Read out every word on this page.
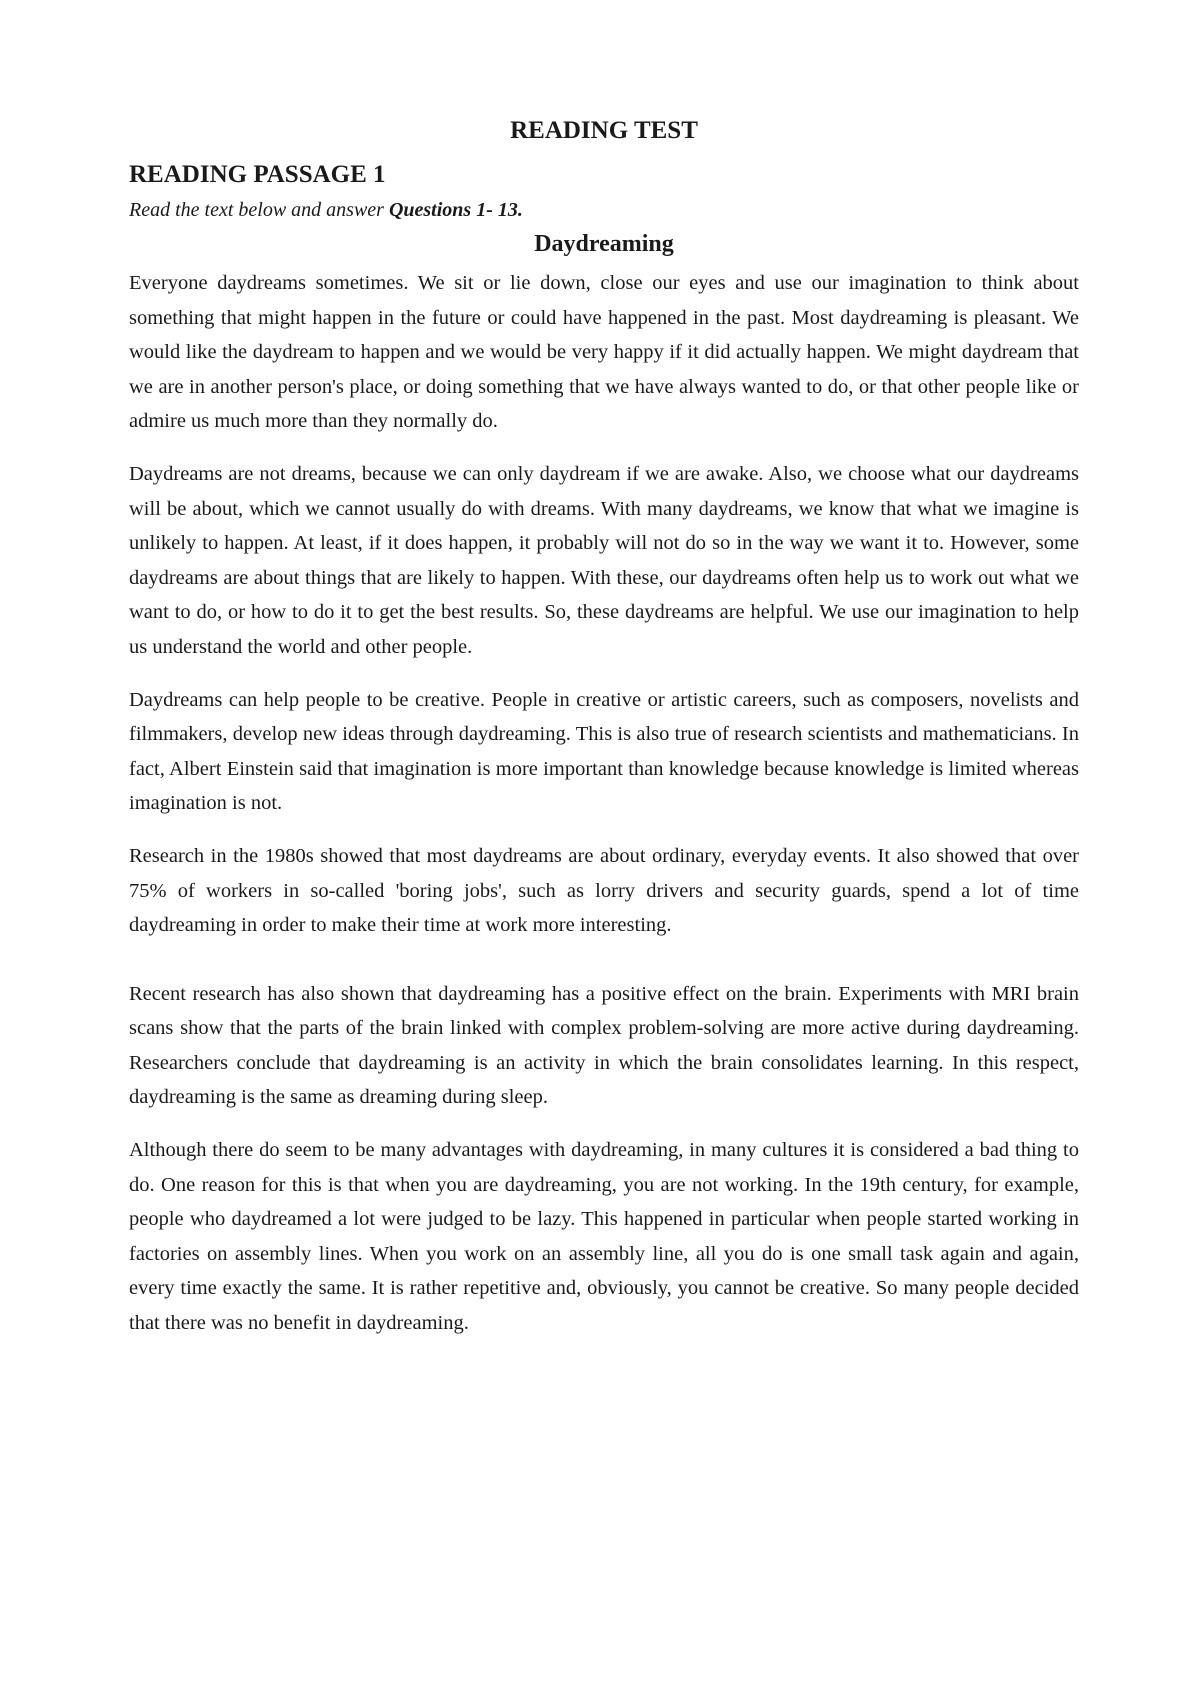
READING TEST
READING PASSAGE 1
Read the text below and answer Questions 1- 13.
Daydreaming

Everyone daydreams sometimes. We sit or lie down, close our eyes and use our imagination to think about something that might happen in the future or could have happened in the past. Most daydreaming is pleasant. We would like the daydream to happen and we would be very happy if it did actually happen. We might daydream that we are in another person's place, or doing something that we have always wanted to do, or that other people like or admire us much more than they normally do.

Daydreams are not dreams, because we can only daydream if we are awake. Also, we choose what our daydreams will be about, which we cannot usually do with dreams. With many daydreams, we know that what we imagine is unlikely to happen. At least, if it does happen, it probably will not do so in the way we want it to. However, some daydreams are about things that are likely to happen. With these, our daydreams often help us to work out what we want to do, or how to do it to get the best results. So, these daydreams are helpful. We use our imagination to help us understand the world and other people.

Daydreams can help people to be creative. People in creative or artistic careers, such as composers, novelists and filmmakers, develop new ideas through daydreaming. This is also true of research scientists and mathematicians. In fact, Albert Einstein said that imagination is more important than knowledge because knowledge is limited whereas imagination is not.

Research in the 1980s showed that most daydreams are about ordinary, everyday events. It also showed that over 75% of workers in so-called 'boring jobs', such as lorry drivers and security guards, spend a lot of time daydreaming in order to make their time at work more interesting.

Recent research has also shown that daydreaming has a positive effect on the brain. Experiments with MRI brain scans show that the parts of the brain linked with complex problem-solving are more active during daydreaming. Researchers conclude that daydreaming is an activity in which the brain consolidates learning. In this respect, daydreaming is the same as dreaming during sleep.

Although there do seem to be many advantages with daydreaming, in many cultures it is considered a bad thing to do. One reason for this is that when you are daydreaming, you are not working. In the 19th century, for example, people who daydreamed a lot were judged to be lazy. This happened in particular when people started working in factories on assembly lines. When you work on an assembly line, all you do is one small task again and again, every time exactly the same. It is rather repetitive and, obviously, you cannot be creative. So many people decided that there was no benefit in daydreaming.
